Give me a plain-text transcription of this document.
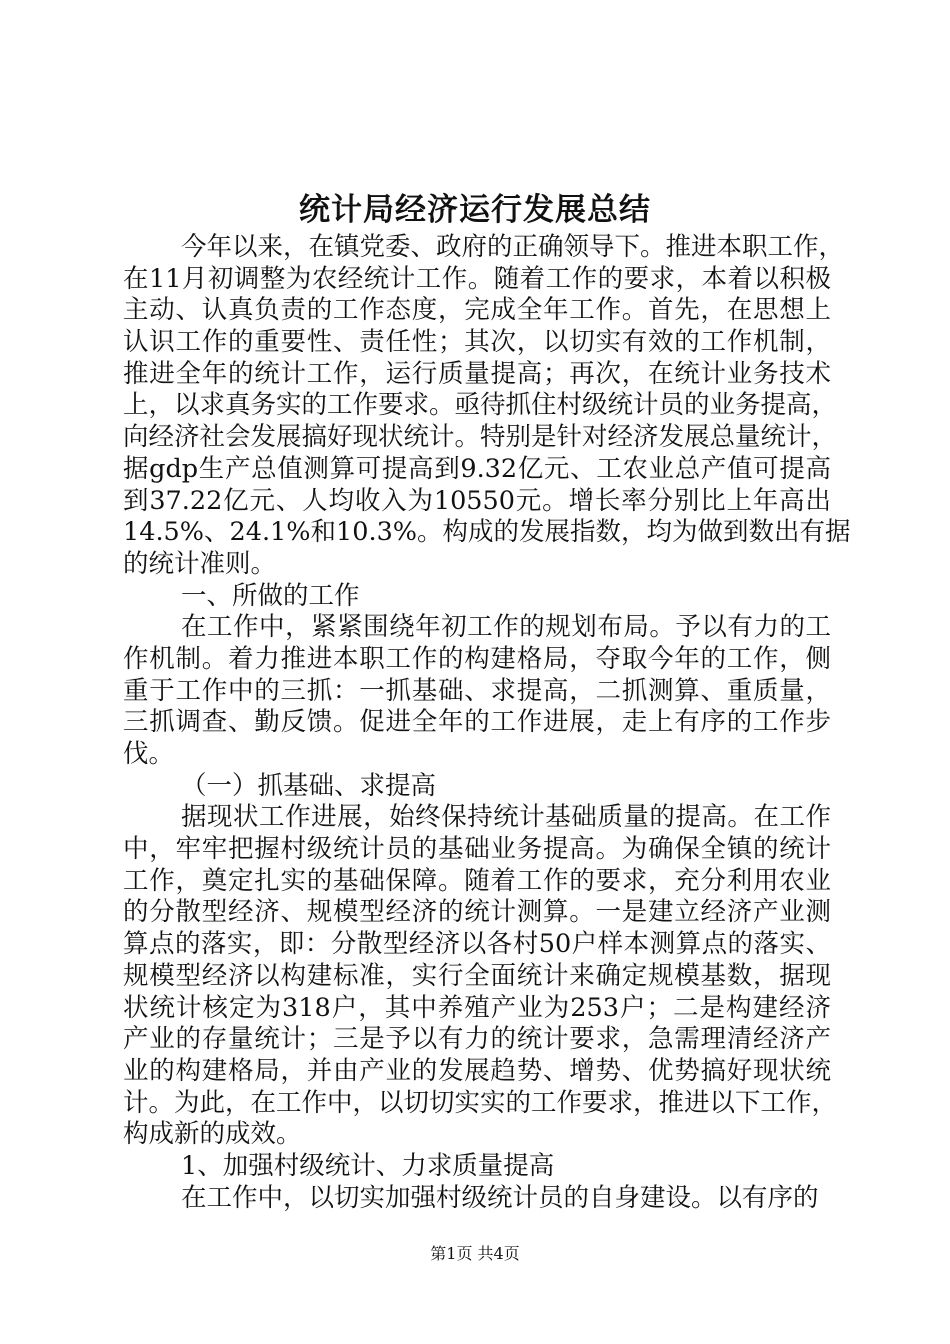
统计局经济运行发展总结
今年以来，在镇党委、政府的正确领导下。推进本职工作，
在11月初调整为农经统计工作。随着工作的要求，本着以积极
主动、认真负责的工作态度，完成全年工作。首先，在思想上
认识工作的重要性、责任性；其次，以切实有效的工作机制，
推进全年的统计工作，运行质量提高；再次，在统计业务技术
上，以求真务实的工作要求。亟待抓住村级统计员的业务提高，
向经济社会发展搞好现状统计。特别是针对经济发展总量统计，
据gdp生产总值测算可提高到9.32亿元、工农业总产值可提高
到37.22亿元、人均收入为10550元。增长率分别比上年高出
14.5%、24.1%和10.3%。构成的发展指数，均为做到数出有据
的统计准则。
一、所做的工作
在工作中，紧紧围绕年初工作的规划布局。予以有力的工
作机制。着力推进本职工作的构建格局，夺取今年的工作，侧
重于工作中的三抓：一抓基础、求提高，二抓测算、重质量，
三抓调查、勤反馈。促进全年的工作进展，走上有序的工作步
伐。
（一）抓基础、求提高
据现状工作进展，始终保持统计基础质量的提高。在工作
中，牢牢把握村级统计员的基础业务提高。为确保全镇的统计
工作，奠定扎实的基础保障。随着工作的要求，充分利用农业
的分散型经济、规模型经济的统计测算。一是建立经济产业测
算点的落实，即：分散型经济以各村50户样本测算点的落实、
规模型经济以构建标准，实行全面统计来确定规模基数，据现
状统计核定为318户，其中养殖产业为253户；二是构建经济
产业的存量统计；三是予以有力的统计要求，急需理清经济产
业的构建格局，并由产业的发展趋势、增势、优势搞好现状统
计。为此，在工作中，以切切实实的工作要求，推进以下工作，
构成新的成效。
1、加强村级统计、力求质量提高
在工作中，以切实加强村级统计员的自身建设。以有序的
第1页 共4页
